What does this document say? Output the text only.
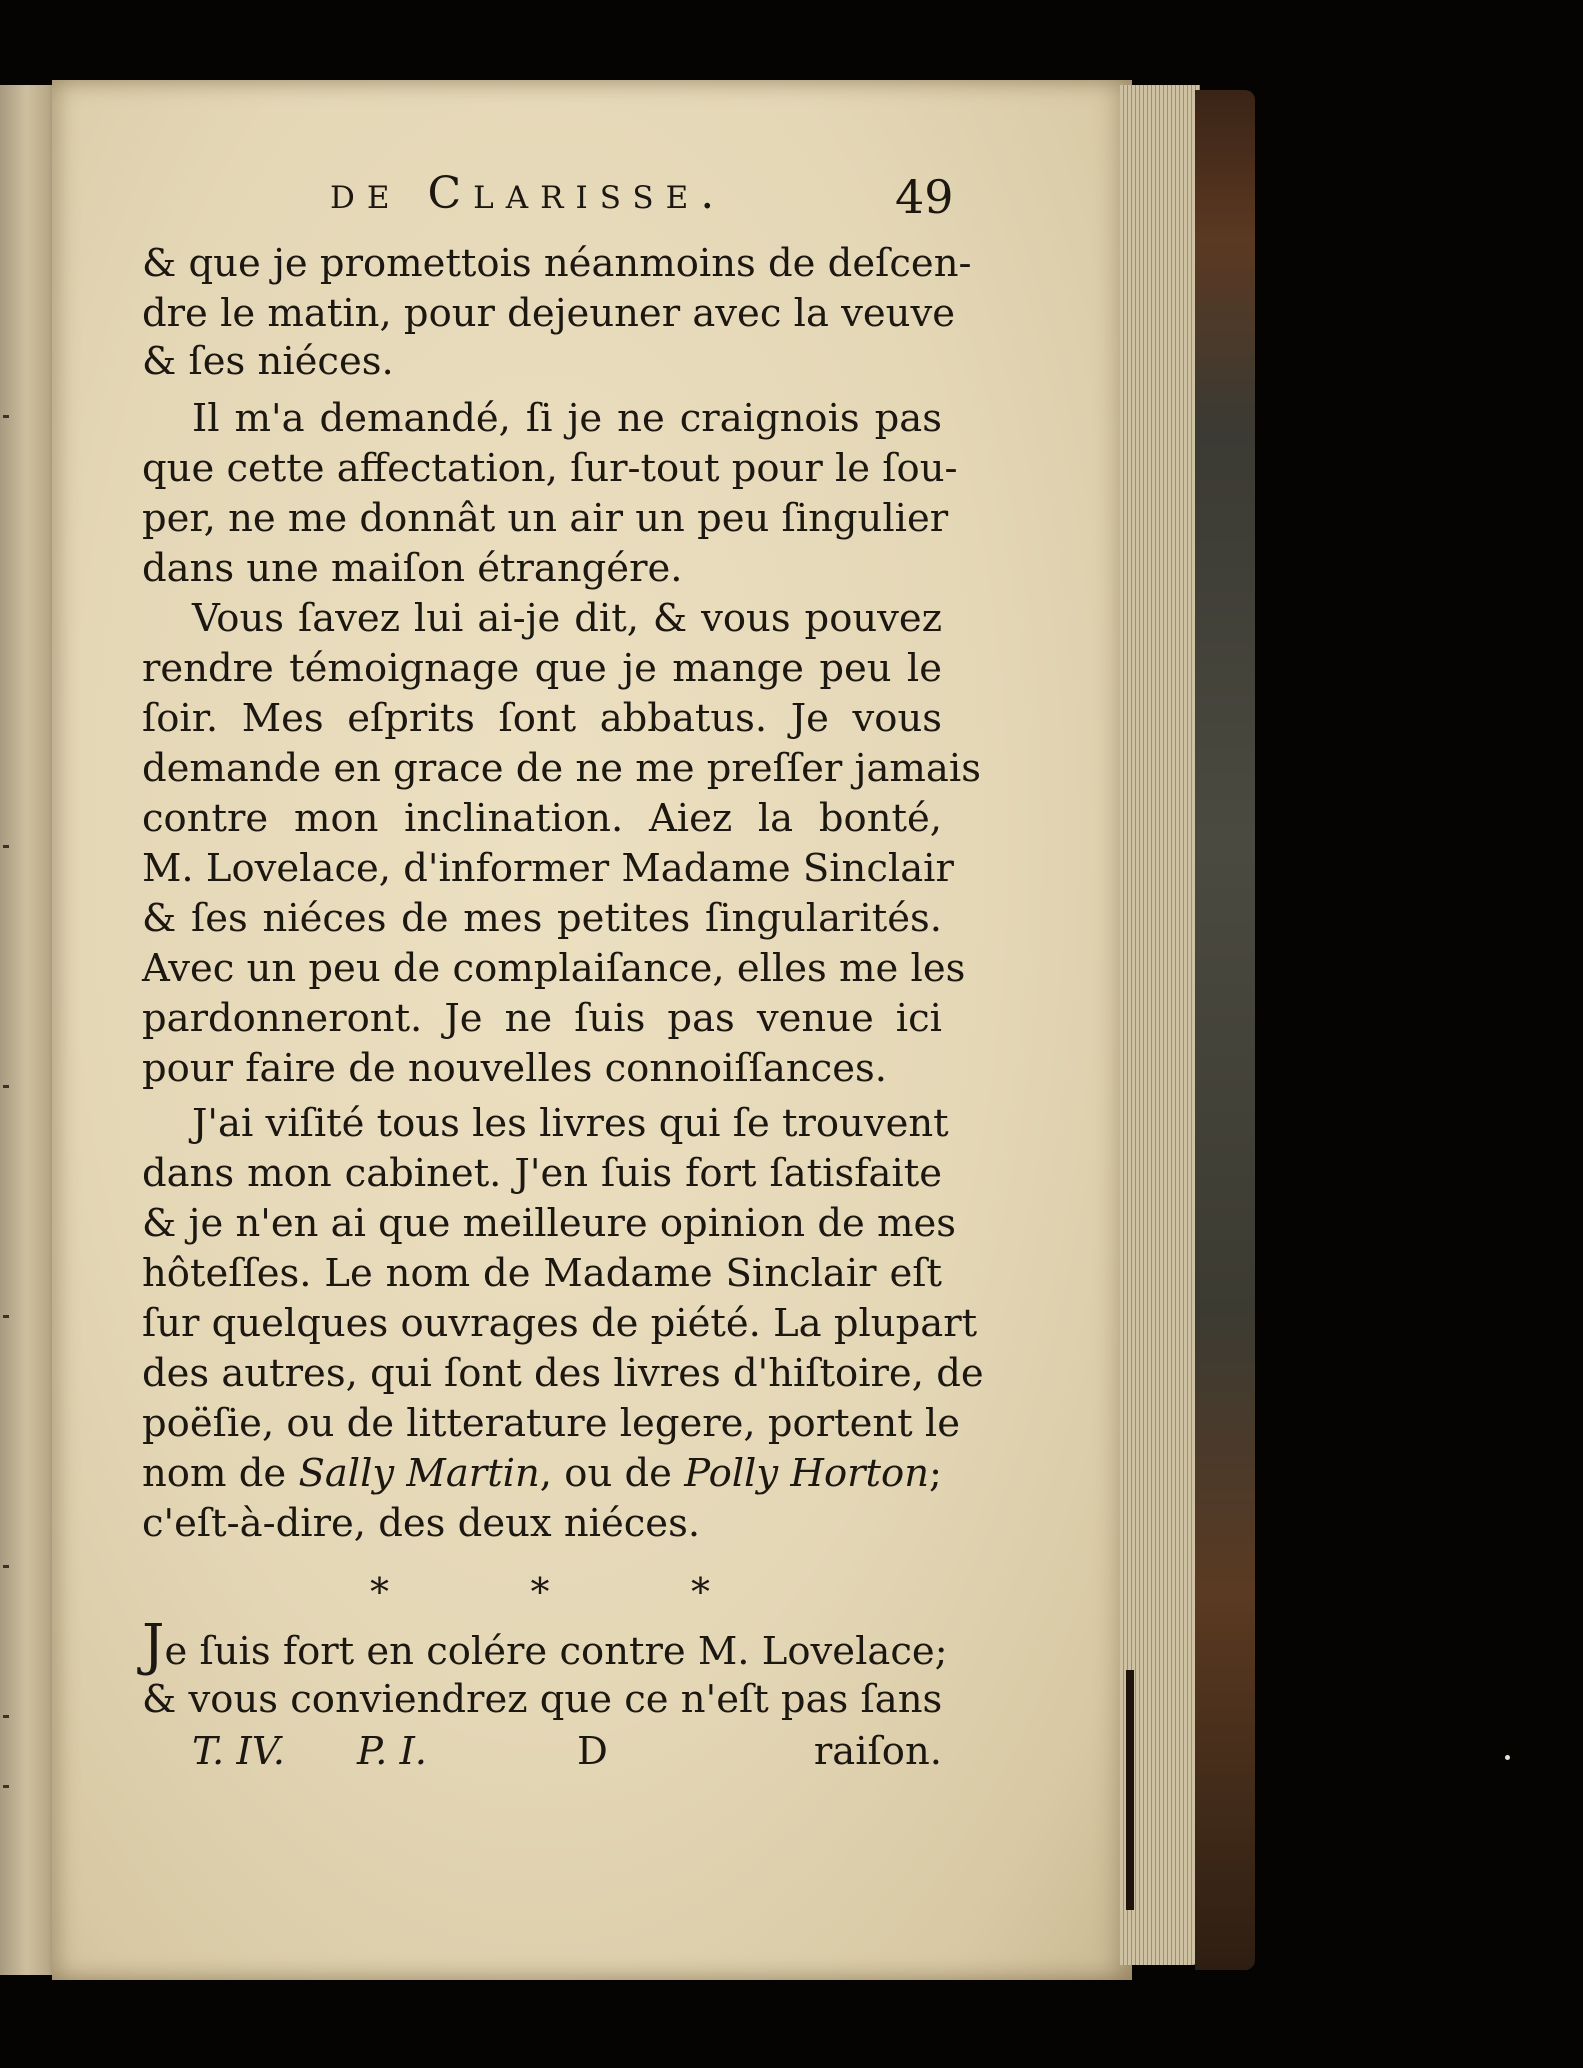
de Clarisse.	49
& que je promettois néanmoins de deſcen-
dre le matin, pour dejeuner avec la veuve
& ſes niéces.
Il m'a demandé, ſi je ne craignois pas
que cette affectation, ſur-tout pour le ſou-
per, ne me donnât un air un peu ſingulier
dans une maiſon étrangére.
Vous ſavez lui ai-je dit, & vous pouvez
rendre témoignage que je mange peu le
ſoir. Mes eſprits ſont abbatus. Je vous
demande en grace de ne me preſſer jamais
contre mon inclination. Aiez la bonté,
M. Lovelace, d'informer Madame Sinclair
& ſes niéces de mes petites ſingularités.
Avec un peu de complaiſance, elles me les
pardonneront. Je ne ſuis pas venue ici
pour faire de nouvelles connoiſſances.
J'ai viſité tous les livres qui ſe trouvent
dans mon cabinet. J'en ſuis fort ſatisfaite
& je n'en ai que meilleure opinion de mes
hôteſſes. Le nom de Madame Sinclair eſt
ſur quelques ouvrages de piété. La plupart
des autres, qui ſont des livres d'hiſtoire, de
poëſie, ou de litterature legere, portent le
nom de Sally Martin, ou de Polly Horton;
c'eſt-à-dire, des deux niéces.
*	*	*
Je ſuis fort en colére contre M. Lovelace;
& vous conviendrez que ce n'eſt pas ſans
T. IV. P. I.	D	raiſon.
